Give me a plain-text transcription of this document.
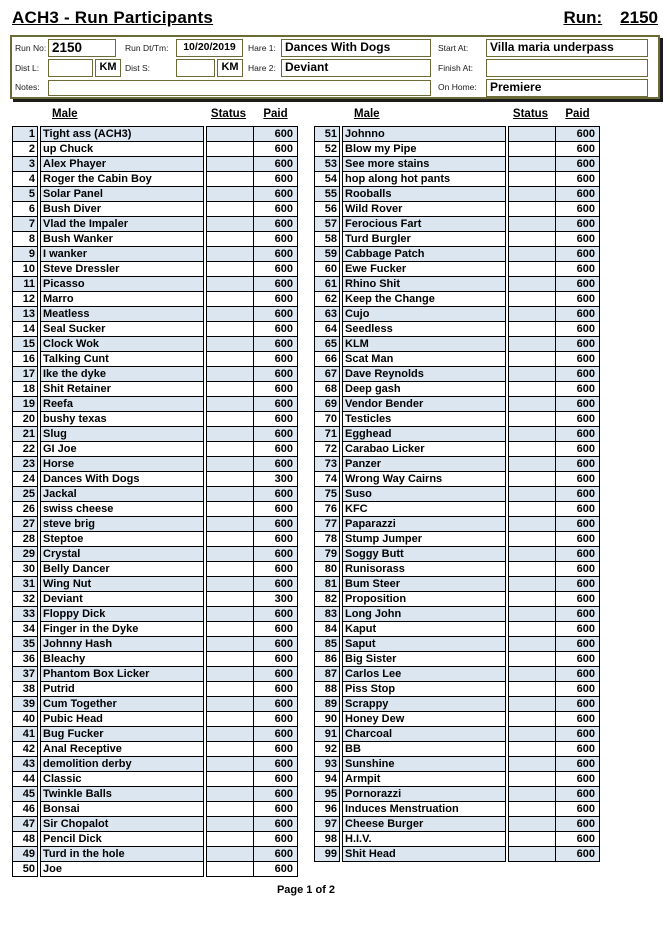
ACH3 - Run Participants	Run: 2150
Run No: 2150	Run Dt/Tm:	10/20/2019	Hare 1: Dances With Dogs	Start At:	Villa maria underpass
Dist L:	KM Dist S:	KM	Hare 2: Deviant	Finish At:
Notes:	On Home:	Premiere
Male	Status	Paid
1 Tight ass (ACH3)	600
2 up Chuck	600
3 Alex Phayer	600
4 Roger the Cabin Boy	600
5 Solar Panel	600
6 Bush Diver	600
7 Vlad the Impaler	600
8 Bush Wanker	600
9 I wanker	600
10 Steve Dressler	600
11 Picasso	600
12 Marro	600
13 Meatless	600
14 Seal Sucker	600
15 Clock Wok	600
16 Talking Cunt	600
17 Ike the dyke	600
18 Shit Retainer	600
19 Reefa	600
20 bushy texas	600
21 Slug	600
22 GI Joe	600
23 Horse	600
24 Dances With Dogs	300
25 Jackal	600
26 swiss cheese	600
27 steve brig	600
28 Steptoe	600
29 Crystal	600
30 Belly Dancer	600
31 Wing Nut	600
32 Deviant	300
33 Floppy Dick	600
34 Finger in the Dyke	600
35 Johnny Hash	600
36 Bleachy	600
37 Phantom Box Licker	600
38 Putrid	600
39 Cum Together	600
40 Pubic Head	600
41 Bug Fucker	600
42 Anal Receptive	600
43 demolition derby	600
44 Classic	600
45 Twinkle Balls	600
46 Bonsai	600
47 Sir Chopalot	600
48 Pencil Dick	600
49 Turd in the hole	600
50 Joe	600
Male	Status	Paid
51 Johnno	600
52 Blow my Pipe	600
53 See more stains	600
54 hop along hot pants	600
55 Rooballs	600
56 Wild Rover	600
57 Ferocious Fart	600
58 Turd Burgler	600
59 Cabbage Patch	600
60 Ewe Fucker	600
61 Rhino Shit	600
62 Keep the Change	600
63 Cujo	600
64 Seedless	600
65 KLM	600
66 Scat Man	600
67 Dave Reynolds	600
68 Deep gash	600
69 Vendor Bender	600
70 Testicles	600
71 Egghead	600
72 Carabao Licker	600
73 Panzer	600
74 Wrong Way Cairns	600
75 Suso	600
76 KFC	600
77 Paparazzi	600
78 Stump Jumper	600
79 Soggy Butt	600
80 Runisorass	600
81 Bum Steer	600
82 Proposition	600
83 Long John	600
84 Kaput	600
85 Saput	600
86 Big Sister	600
87 Carlos Lee	600
88 Piss Stop	600
89 Scrappy	600
90 Honey Dew	600
91 Charcoal	600
92 BB	600
93 Sunshine	600
94 Armpit	600
95 Pornorazzi	600
96 Induces Menstruation	600
97 Cheese Burger	600
98 H.I.V.	600
99 Shit Head	600
Page 1 of 2
